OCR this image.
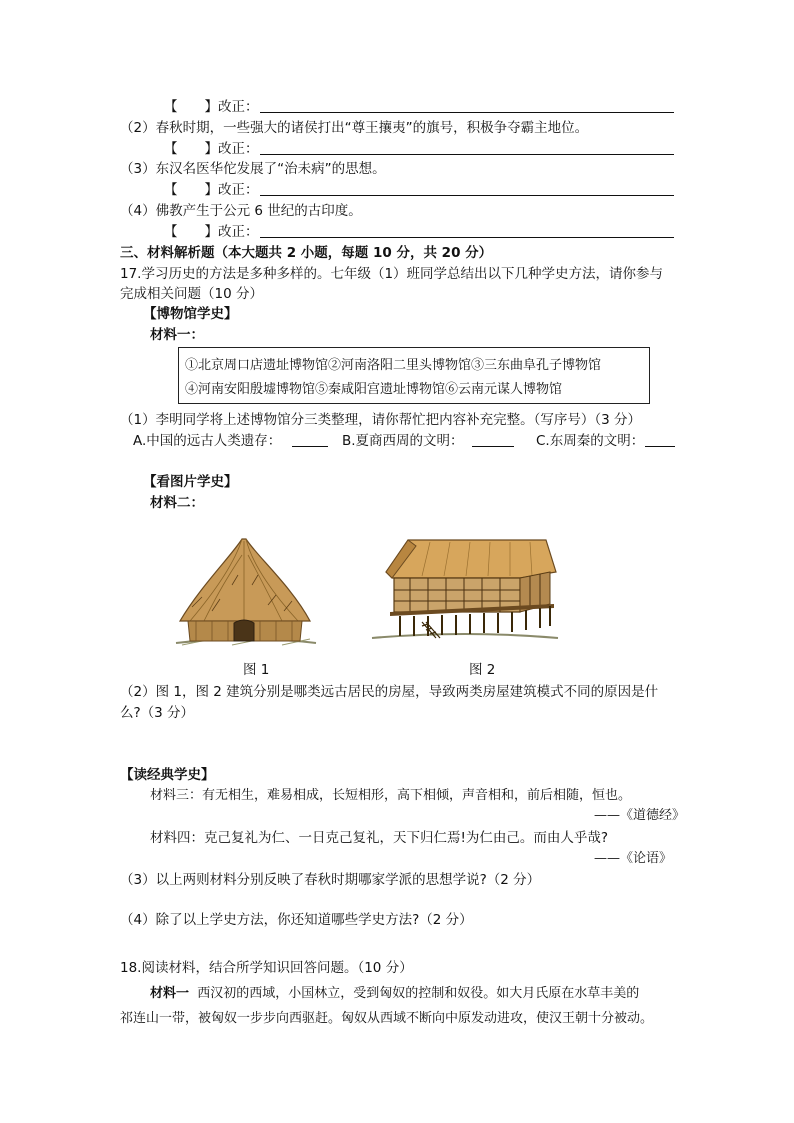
【　　】改正：
（2）春秋时期，一些强大的诸侯打出“尊王攘夷”的旗号，积极争夺霸主地位。
【　　】改正：
（3）东汉名医华佗发展了“治未病”的思想。
【　　】改正：
（4）佛教产生于公元 6 世纪的古印度。
【　　】改正：
三、材料解析题（本大题共 2 小题，每题 10 分，共 20 分）
17.学习历史的方法是多种多样的。七年级（1）班同学总结出以下几种学史方法，请你参与
完成相关问题（10 分）
【博物馆学史】
材料一：
①北京周口店遗址博物馆②河南洛阳二里头博物馆③三东曲阜孔子博物馆
④河南安阳殷墟博物馆⑤秦咸阳宫遗址博物馆⑥云南元谋人博物馆
（1）李明同学将上述博物馆分三类整理，请你帮忙把内容补充完整。（写序号）（3 分）
A.中国的远古人类遗存：	B.夏商西周的文明：	C.东周秦的文明：
【看图片学史】
材料二：
图 1	图 2
（2）图 1，图 2 建筑分别是哪类远古居民的房屋，导致两类房屋建筑模式不同的原因是什
么?（3 分）
【读经典学史】
材料三：有无相生，难易相成，长短相形，高下相倾，声音相和，前后相随，恒也。
——《道德经》
材料四：克己复礼为仁、一日克己复礼，天下归仁焉!为仁由己。而由人乎哉?
——《论语》
（3）以上两则材料分别反映了春秋时期哪家学派的思想学说?（2 分）
（4）除了以上学史方法，你还知道哪些学史方法?（2 分）
18.阅读材料，结合所学知识回答问题。（10 分）
材料一 西汉初的西域，小国林立，受到匈奴的控制和奴役。如大月氏原在水草丰美的
祁连山一带，被匈奴一步步向西驱赶。匈奴从西域不断向中原发动进攻，使汉王朝十分被动。
